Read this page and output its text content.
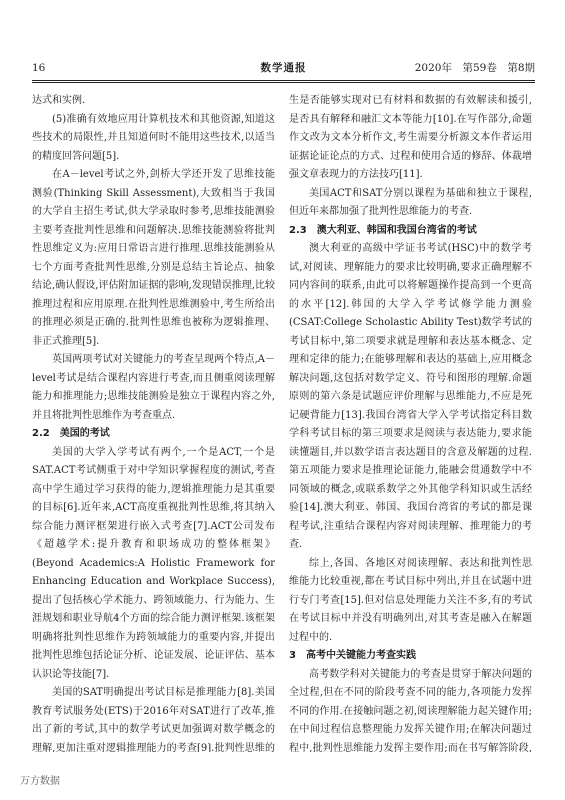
16	数学通报	2020年　第59卷　第8期

达式和实例.

(5)准确有效地应用计算机技术和其他资源,知道这些技术的局限性,并且知道何时不能用这些技术,以适当的精度回答问题[5].

在A－level考试之外,剑桥大学还开发了思维技能测验(Thinking Skill Assessment),大致相当于我国的大学自主招生考试,供大学录取时参考,思维技能测验主要考查批判性思维和问题解决.思维技能测验将批判性思维定义为:应用日常语言进行推理.思维技能测验从七个方面考查批判性思维,分别是总结主旨论点、抽象结论,确认假设,评估附加证据的影响,发现错误推理,比较推理过程和应用原理.在批判性思维测验中,考生所给出的推理必须是正确的.批判性思维也被称为逻辑推理、非正式推理[5].

英国两项考试对关键能力的考查呈现两个特点,A－level考试是结合课程内容进行考查,而且侧重阅读理解能力和推理能力;思维技能测验是独立于课程内容之外,并且将批判性思维作为考查重点.

2.2　美国的考试

美国的大学入学考试有两个,一个是ACT,一个是SAT.ACT考试侧重于对中学知识掌握程度的测试,考查高中学生通过学习获得的能力,逻辑推理能力是其重要的目标[6].近年来,ACT高度重视批判性思维,将其纳入综合能力测评框架进行嵌入式考查[7].ACT公司发布《超越学术:提升教育和职场成功的整体框架》(Beyond Academics:A Holistic Framework for Enhancing Education and Workplace Success),提出了包括核心学术能力、跨领域能力、行为能力、生涯规划和职业导航4个方面的综合能力测评框架.该框架明确将批判性思维作为跨领域能力的重要内容,并提出批判性思维包括论证分析、论证发展、论证评估、基本认识论等技能[7].

美国的SAT明确提出考试目标是推理能力[8].美国教育考试服务处(ETS)于2016年对SAT进行了改革,推出了新的考试,其中的数学考试更加强调对数学概念的理解,更加注重对逻辑推理能力的考查[9].批判性思维的

生是否能够实现对已有材料和数据的有效解读和援引,是否具有解释和融汇文本等能力[10].在写作部分,命题作文改为文本分析作文,考生需要分析源文本作者运用证据论证论点的方式、过程和使用合适的修辞、体裁增强文章表现力的方法技巧[11].

美国ACT和SAT分别以课程为基础和独立于课程,但近年来都加强了批判性思维能力的考查.

2.3　澳大利亚、韩国和我国台湾省的考试

澳大利亚的高级中学证书考试(HSC)中的数学考试,对阅读、理解能力的要求比较明确,要求正确理解不同内容间的联系,由此可以将解题操作提高到一个更高的水平[12].韩国的大学入学考试修学能力测验(CSAT:College Scholastic Ability Test)数学考试的考试目标中,第二项要求就是理解和表达基本概念、定理和定律的能力;在能够理解和表达的基础上,应用概念解决问题,这包括对数学定义、符号和图形的理解.命题原则的第六条是试题应评价理解与思维能力,不应是死记硬背能力[13].我国台湾省大学入学考试指定科目数学科考试目标的第三项要求是阅读与表达能力,要求能读懂题目,并以数学语言表达题目的含意及解题的过程.第五项能力要求是推理论证能力,能融会贯通数学中不同领域的概念,或联系数学之外其他学科知识或生活经验[14].澳大利亚、韩国、我国台湾省的考试的都是课程考试,注重结合课程内容对阅读理解、推理能力的考查.

综上,各国、各地区对阅读理解、表达和批判性思维能力比较重视,都在考试目标中列出,并且在试题中进行专门考查[15].但对信息处理能力关注不多,有的考试在考试目标中并没有明确列出,对其考查是融入在解题过程中的.

3　高考中关键能力考查实践

高考数学科对关键能力的考查是贯穿于解决问题的全过程,但在不同的阶段考查不同的能力,各项能力发挥不同的作用.在接触问题之初,阅读理解能力起关键作用;在中间过程信息整理能力发挥关键作用;在解决问题过程中,批判性思维能力发挥主要作用;而在书写解答阶段,

万方数据
